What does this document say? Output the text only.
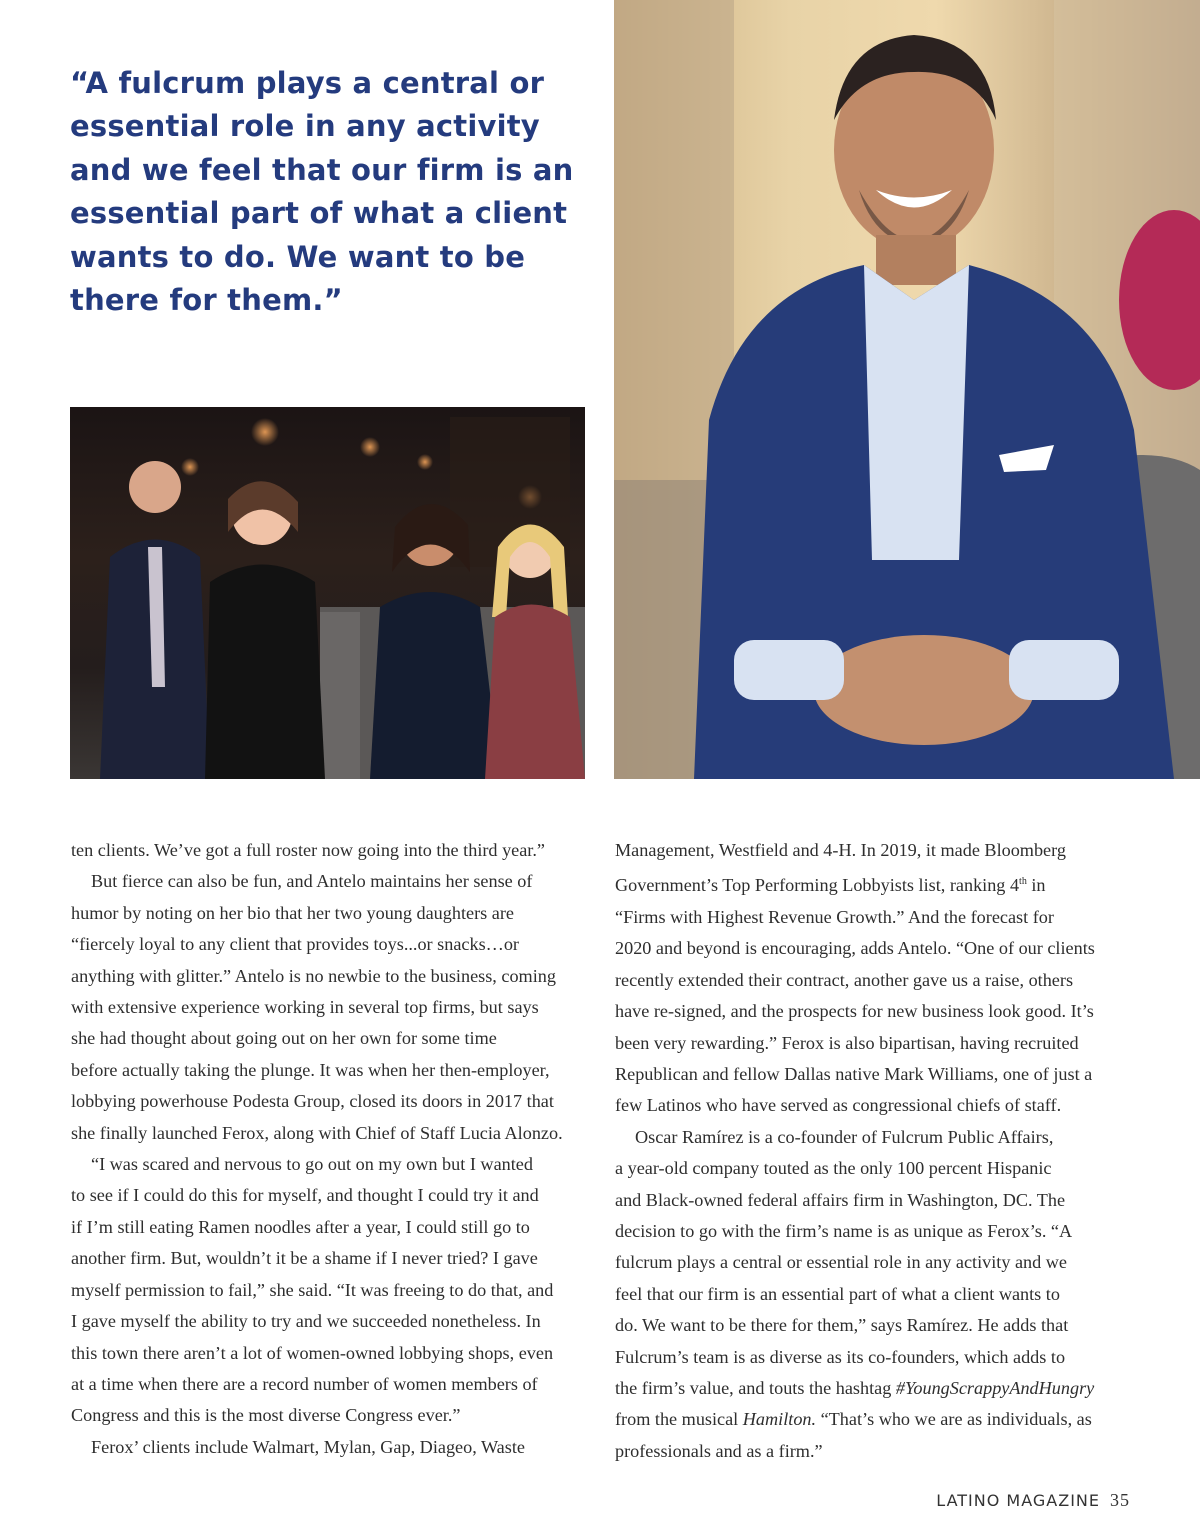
“A fulcrum plays a central or
essential role in any activity
and we feel that our firm is an
essential part of what a client
wants to do. We want to be
there for them.”

ten clients. We’ve got a full roster now going into the third year.”

But fierce can also be fun, and Antelo maintains her sense of
humor by noting on her bio that her two young daughters are
“fiercely loyal to any client that provides toys...or snacks…or
anything with glitter.” Antelo is no newbie to the business, coming
with extensive experience working in several top firms, but says
she had thought about going out on her own for some time
before actually taking the plunge. It was when her then-employer,
lobbying powerhouse Podesta Group, closed its doors in 2017 that
she finally launched Ferox, along with Chief of Staff Lucia Alonzo.

“I was scared and nervous to go out on my own but I wanted
to see if I could do this for myself, and thought I could try it and
if I’m still eating Ramen noodles after a year, I could still go to
another firm. But, wouldn’t it be a shame if I never tried? I gave
myself permission to fail,” she said. “It was freeing to do that, and
I gave myself the ability to try and we succeeded nonetheless. In
this town there aren’t a lot of women-owned lobbying shops, even
at a time when there are a record number of women members of
Congress and this is the most diverse Congress ever.”

Ferox’ clients include Walmart, Mylan, Gap, Diageo, Waste

Management, Westfield and 4-H. In 2019, it made Bloomberg
Government’s Top Performing Lobbyists list, ranking 4th in
“Firms with Highest Revenue Growth.” And the forecast for
2020 and beyond is encouraging, adds Antelo. “One of our clients
recently extended their contract, another gave us a raise, others
have re-signed, and the prospects for new business look good. It’s
been very rewarding.” Ferox is also bipartisan, having recruited
Republican and fellow Dallas native Mark Williams, one of just a
few Latinos who have served as congressional chiefs of staff.

Oscar Ramírez is a co-founder of Fulcrum Public Affairs,
a year-old company touted as the only 100 percent Hispanic
and Black-owned federal affairs firm in Washington, DC. The
decision to go with the firm’s name is as unique as Ferox’s. “A
fulcrum plays a central or essential role in any activity and we
feel that our firm is an essential part of what a client wants to
do. We want to be there for them,” says Ramírez. He adds that
Fulcrum’s team is as diverse as its co-founders, which adds to
the firm’s value, and touts the hashtag #YoungScrappyAndHungry
from the musical Hamilton. “That’s who we are as individuals, as
professionals and as a firm.”

LATINO MAGAZINE 35
